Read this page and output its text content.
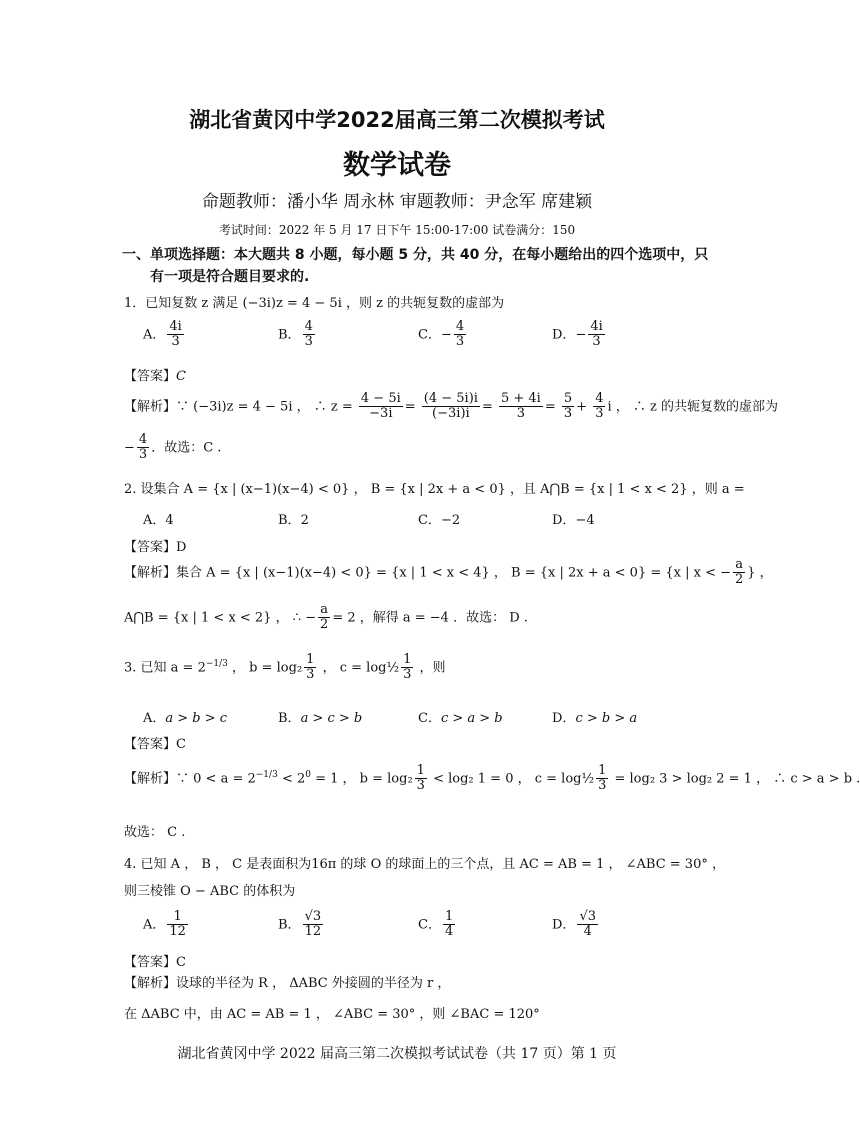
湖北省黄冈中学2022届高三第二次模拟考试
数学试卷
命题教师：潘小华 周永林 审题教师：尹念军 席建颖
考试时间：2022 年 5 月 17 日下午 15:00-17:00 试卷满分：150
一、单项选择题：本大题共 8 小题，每小题 5 分，共 40 分，在每小题给出的四个选项中，只
有一项是符合题目要求的.
1．已知复数 z 满足 (−3i)z = 4 − 5i ，则 z 的共轭复数的虚部为
A． $\frac{4i}{3}$	B． $\frac{4}{3}$	C．− $\frac{4}{3}$	D．− $\frac{4i}{3}$
【答案】C
【解析】∵ (−3i)z = 4 − 5i ， ∴ $z = \frac{4 - 5i}{-3i} = \frac{(4 - 5i)i}{(-3i)i} = \frac{5 + 4i}{3} = \frac{5}{3} + \frac{4}{3}$ i ， ∴ z 的共轭复数的虚部为
− $\frac{4}{3}$ ．故选：C .
2. 设集合 A = {x | (x−1)(x−4) < 0} ， B = {x | 2x + a < 0} ，且 A⋂B = {x | 1 < x < 2} ，则 a =
A．4	B．2	C．−2	D．−4
【答案】D
【解析】集合 A = {x | (x−1)(x−4) < 0} = {x | 1 < x < 4} ， B = {x | 2x + a < 0} = {x | x < − $\frac{a}{2}$ } ，
A⋂B = {x | 1 < x < 2} ， ∴ − $\frac{a}{2} = 2$ ，解得 a = −4 ．故选： D .
3. 已知 $a = 2^{-1/3}$ ， $b = \log_2 \frac{1}{3}$ ， c = log½ $\frac{1}{3}$ ，则
A．a > b > c	B．a > c > b	C．c > a > b	D．c > b > a
【答案】C
【解析】∵ $0 < a = 2^{-1/3} < 2^0 = 1$ ， $b = \log_2 \frac{1}{3} < \log_2$ 1 = 0 ， c = log½ $\frac{1}{3} = \log_2$ 3 > log₂ 2 = 1 ， ∴ c > a > b .
故选： C .
4. 已知 A ， B ， C 是表面积为16π 的球 O 的球面上的三个点，且 AC = AB = 1 ， ∠ABC = 30° ，
则三棱锥 O − ABC 的体积为
A． $\frac{1}{12}$	B． $\frac{√3}{12}$	C． $\frac{1}{4}$	D． $\frac{√3}{4}$
【答案】C
【解析】设球的半径为 R ， ΔABC 外接圆的半径为 r ，
在 ΔABC 中，由 AC = AB = 1 ， ∠ABC = 30° ，则 ∠BAC = 120°
湖北省黄冈中学 2022 届高三第二次模拟考试试卷（共 17 页）第 1 页
